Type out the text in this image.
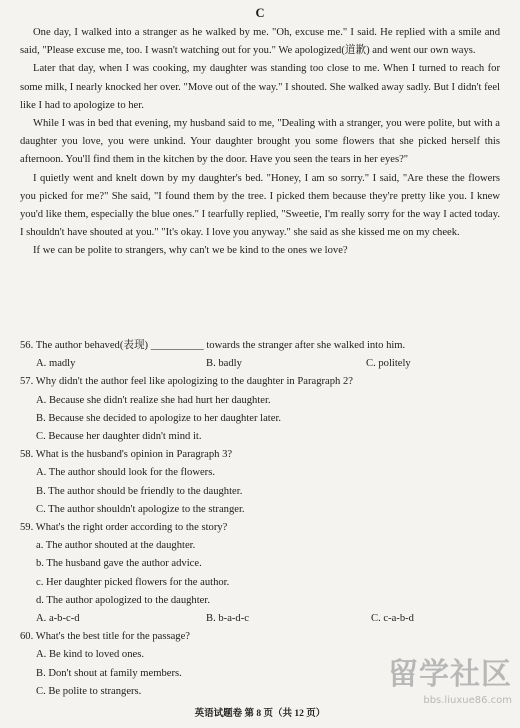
C

One day, I walked into a stranger as he walked by me. "Oh, excuse me." I said. He replied with a smile and said, "Please excuse me, too. I wasn't watching out for you." We apologized(道歉) and went our own ways.

Later that day, when I was cooking, my daughter was standing too close to me. When I turned to reach for some milk, I nearly knocked her over. "Move out of the way." I shouted. She walked away sadly. But I didn't feel like I had to apologize to her.

While I was in bed that evening, my husband said to me, "Dealing with a stranger, you were polite, but with a daughter you love, you were unkind. Your daughter brought you some flowers that she picked herself this afternoon. You'll find them in the kitchen by the door. Have you seen the tears in her eyes?"

I quietly went and knelt down by my daughter's bed. "Honey, I am so sorry." I said, "Are these the flowers you picked for me?" She said, "I found them by the tree. I picked them because they're pretty like you. I knew you'd like them, especially the blue ones." I tearfully replied, "Sweetie, I'm really sorry for the way I acted today. I shouldn't have shouted at you." "It's okay. I love you anyway." she said as she kissed me on my cheek.

If we can be polite to strangers, why can't we be kind to the ones we love?

56. The author behaved(表现) __________ towards the stranger after she walked into him.

A. madly	B. badly	C. politely

57. Why didn't the author feel like apologizing to the daughter in Paragraph 2?

A. Because she didn't realize she had hurt her daughter.

B. Because she decided to apologize to her daughter later.

C. Because her daughter didn't mind it.

58. What is the husband's opinion in Paragraph 3?

A. The author should look for the flowers.

B. The author should be friendly to the daughter.

C. The author shouldn't apologize to the stranger.

59. What's the right order according to the story?

a. The author shouted at the daughter.

b. The husband gave the author advice.

c. Her daughter picked flowers for the author.

d. The author apologized to the daughter.

A. a-b-c-d	B. b-a-d-c	C. c-a-b-d

60. What's the best title for the passage?

A. Be kind to loved ones.

B. Don't shout at family members.

C. Be polite to strangers.

英语试题卷 第 8 页（共 12 页）
留学社区
bbs.liuxue86.com
